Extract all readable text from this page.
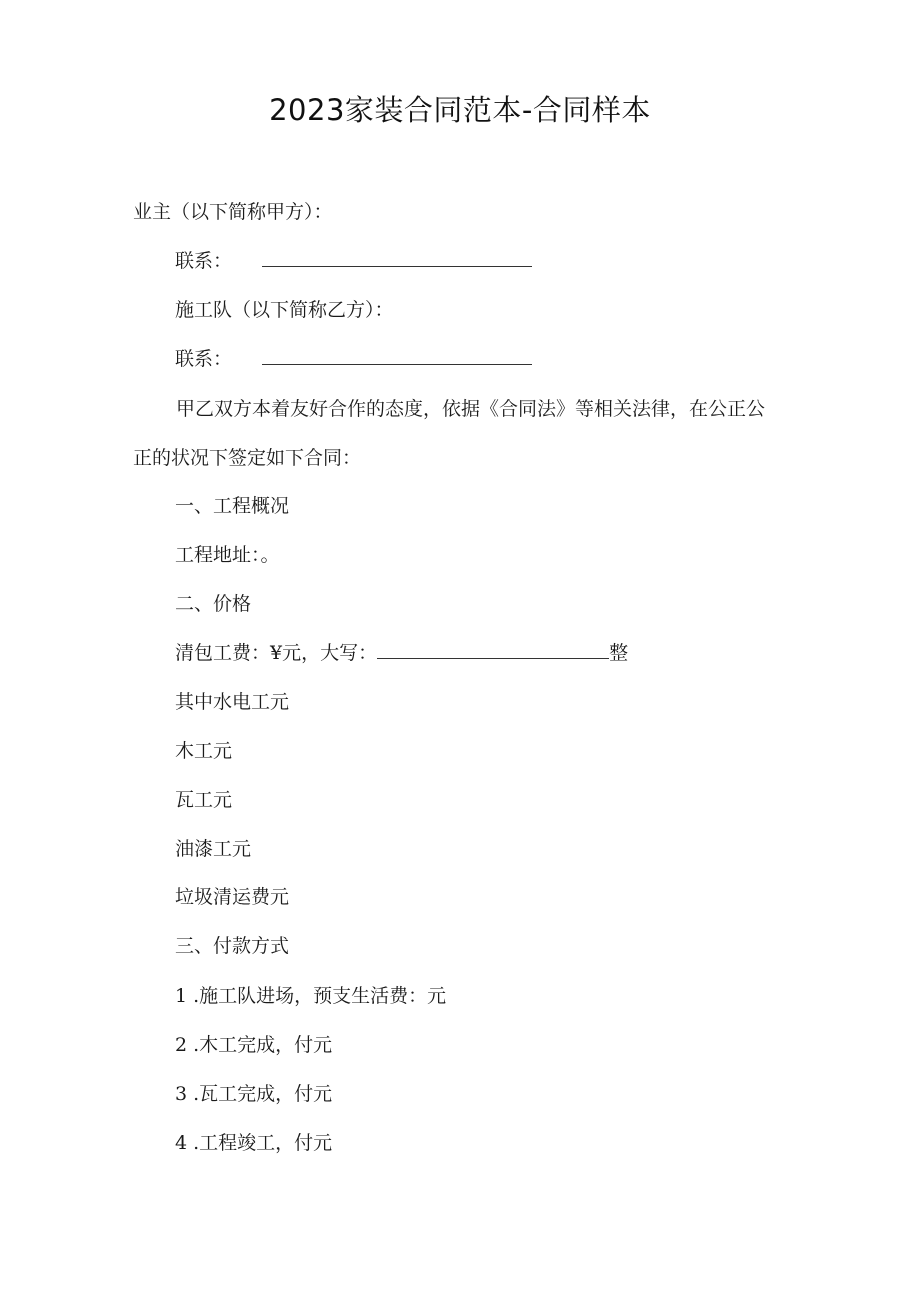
2023家装合同范本-合同样本
业主（以下简称甲方）：
联系：
施工队（以下简称乙方）：
联系：
甲乙双方本着友好合作的态度，依据《合同法》等相关法律，在公正公
正的状况下签定如下合同：
一、工程概况
工程地址：。
二、价格
清包工费：¥元，大写：	整
其中水电工元
木工元
瓦工元
油漆工元
垃圾清运费元
三、付款方式
1 .施工队进场，预支生活费：元
2 .木工完成，付元
3 .瓦工完成，付元
4 .工程竣工，付元
